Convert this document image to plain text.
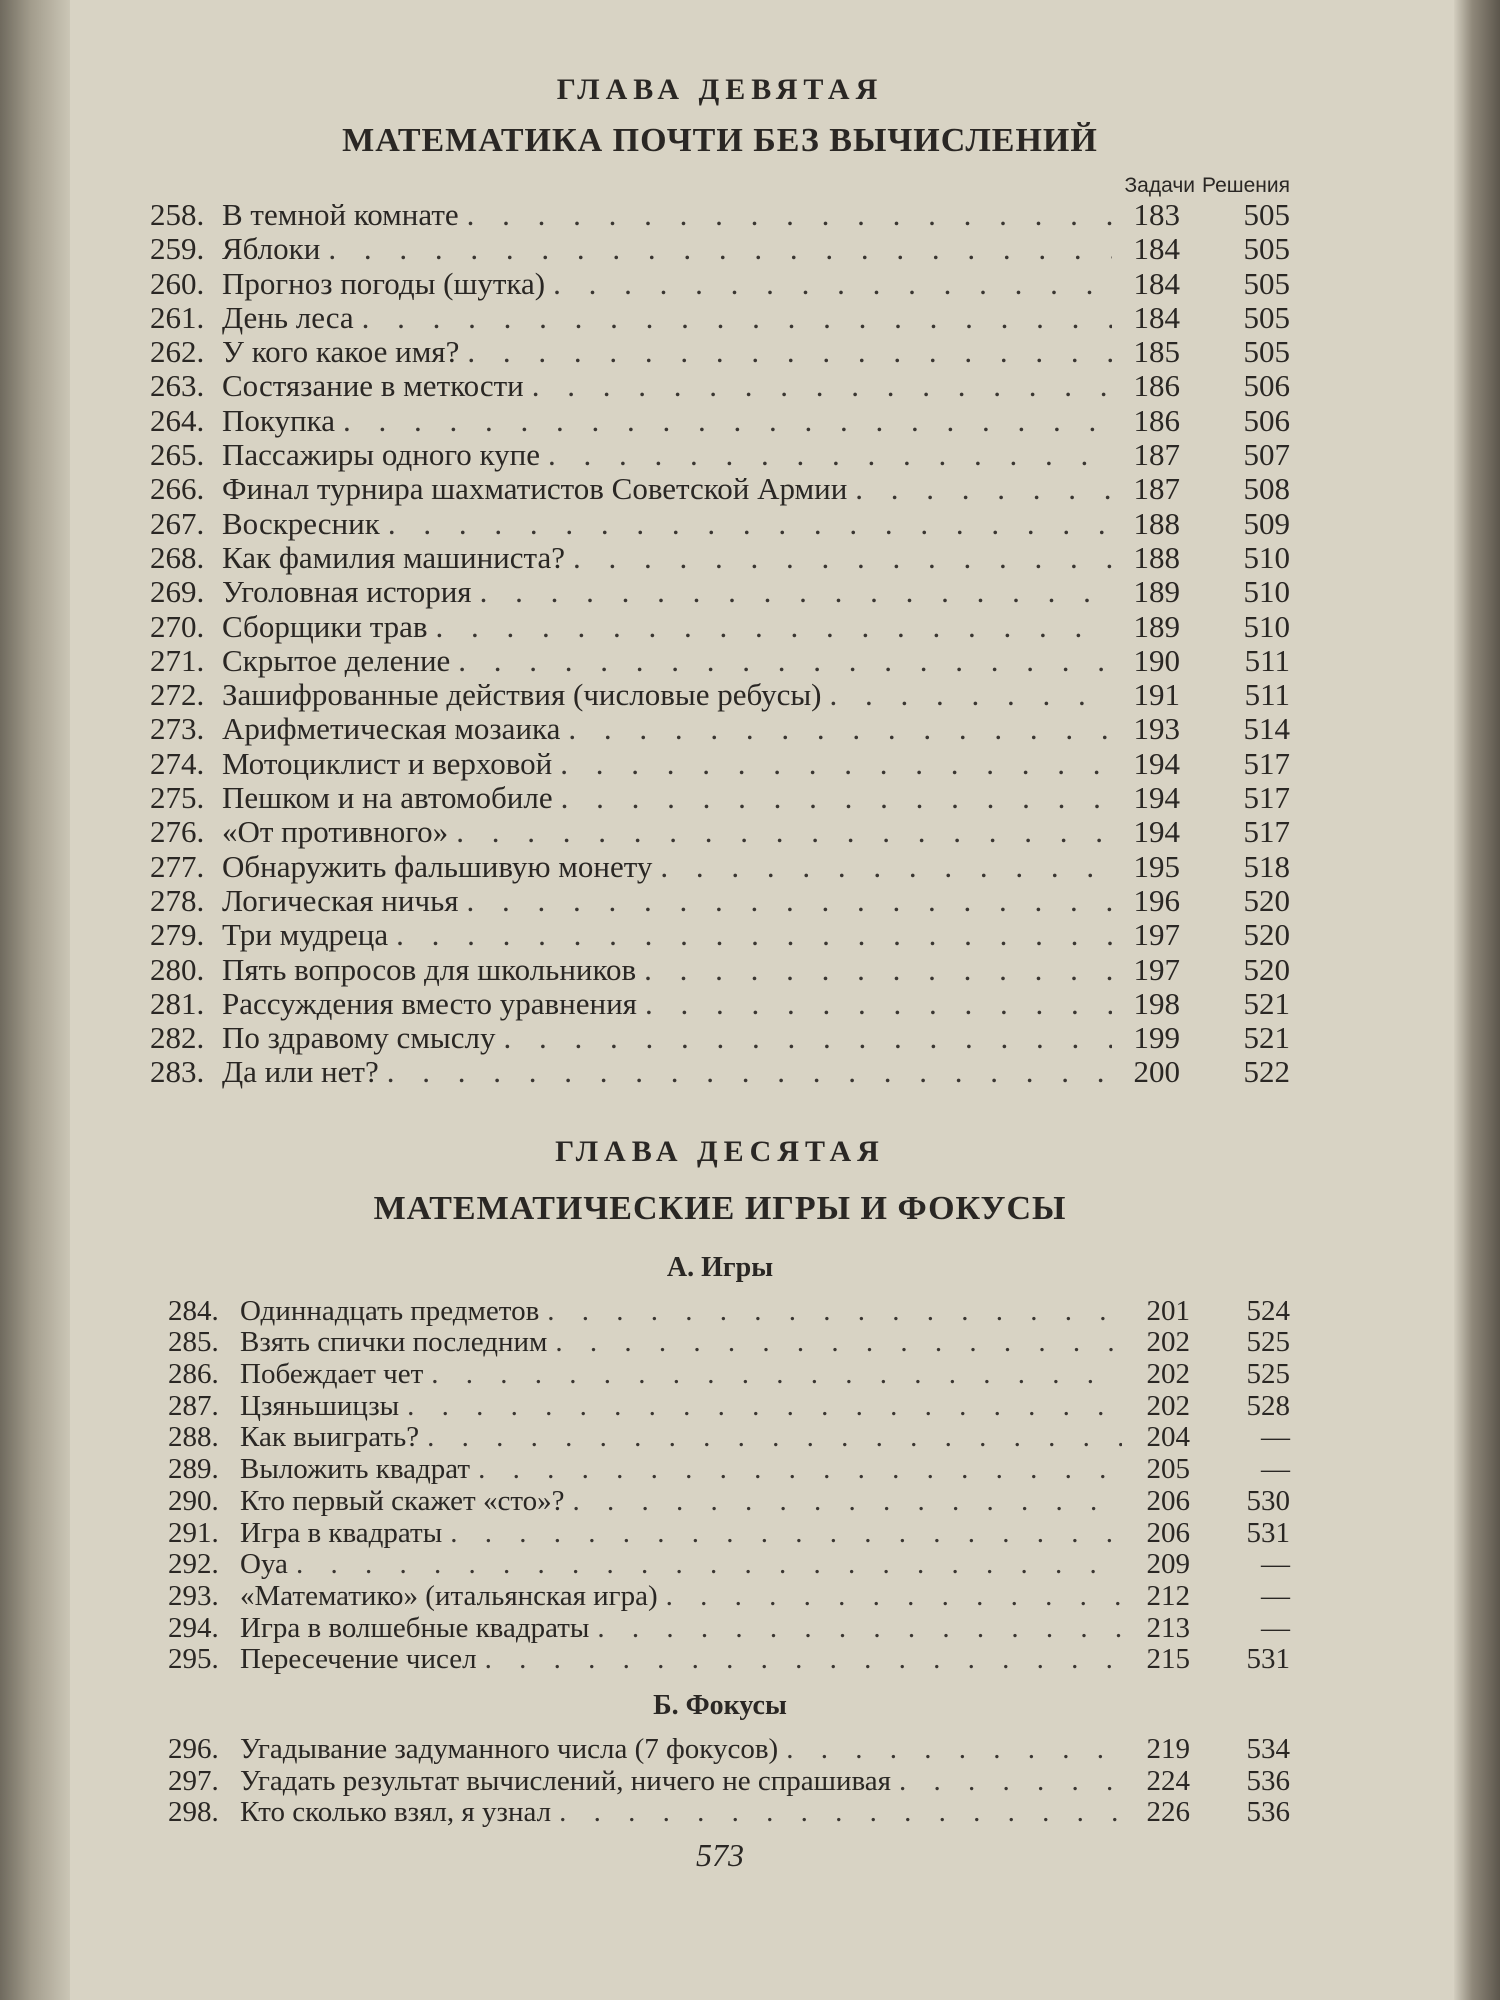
ГЛАВА ДЕВЯТАЯ
МАТЕМАТИКА ПОЧТИ БЕЗ ВЫЧИСЛЕНИЙ
Задачи Решения
258. В темной комнате . . .	183	505
259. Яблоки . . .	184	505
260. Прогноз погоды (шутка) . . .	184	505
261. День леса . . .	184	505
262. У кого какое имя? . . .	185	505
263. Состязание в меткости . . .	186	506
264. Покупка . . .	186	506
265. Пассажиры одного купе . . .	187	507
266. Финал турнира шахматистов Советской Армии . . .	187	508
267. Воскресник . . .	188	509
268. Как фамилия машиниста? . . .	188	510
269. Уголовная история . . .	189	510
270. Сборщики трав . . .	189	510
271. Скрытое деление . . .	190	511
272. Зашифрованные действия (числовые ребусы) . . .	191	511
273. Арифметическая мозаика . . .	193	514
274. Мотоциклист и верховой . . .	194	517
275. Пешком и на автомобиле . . .	194	517
276. «От противного» . . .	194	517
277. Обнаружить фальшивую монету . . .	195	518
278. Логическая ничья . . .	196	520
279. Три мудреца . . .	197	520
280. Пять вопросов для школьников . . .	197	520
281. Рассуждения вместо уравнения . . .	198	521
282. По здравому смыслу . . .	199	521
283. Да или нет? . . .	200	522
ГЛАВА ДЕСЯТАЯ
МАТЕМАТИЧЕСКИЕ ИГРЫ И ФОКУСЫ
А. Игры
284. Одиннадцать предметов . . .	201	524
285. Взять спички последним . . .	202	525
286. Побеждает чет . . .	202	525
287. Цзяньшицзы . . .	202	528
288. Как выиграть? . . .	204	—
289. Выложить квадрат . . .	205	—
290. Кто первый скажет «сто»? . . .	206	530
291. Игра в квадраты . . .	206	531
292. Оуа . . .	209	—
293. «Математико» (итальянская игра) . . .	212	—
294. Игра в волшебные квадраты . . .	213	—
295. Пересечение чисел . . .	215	531
Б. Фокусы
296. Угадывание задуманного числа (7 фокусов) . . .	219	534
297. Угадать результат вычислений, ничего не спрашивая . . .	224	536
298. Кто сколько взял, я узнал . . .	226	536
573
